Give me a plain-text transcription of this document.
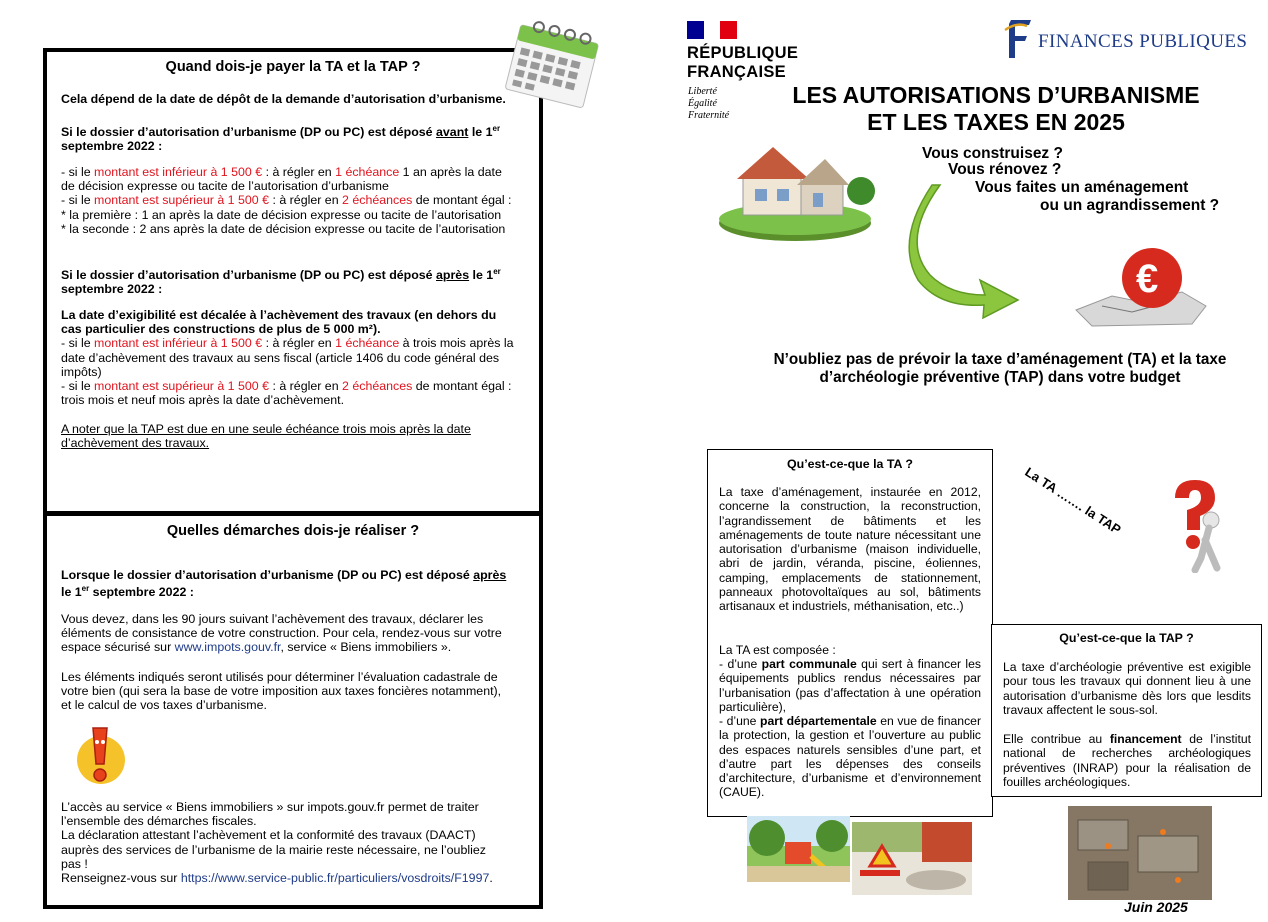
Quand dois-je payer la TA et la TAP ?
Cela dépend de la date de dépôt de la demande d’autorisation d’urbanisme.
Si le dossier d’autorisation d’urbanisme (DP ou PC) est déposé avant le 1er
septembre 2022 :
- si le montant est inférieur à 1 500 € : à régler en 1 échéance 1 an après la date
de décision expresse ou tacite de l’autorisation d’urbanisme
- si le montant est supérieur à 1 500 € : à régler en 2 échéances de montant égal :
* la première : 1 an après la date de décision expresse ou tacite de l’autorisation
* la seconde : 2 ans après la date de décision expresse ou tacite de l’autorisation
Si le dossier d’autorisation d’urbanisme (DP ou PC) est déposé après le 1er
septembre 2022 :
La date d’exigibilité est décalée à l’achèvement des travaux (en dehors du
cas particulier des constructions de plus de 5 000 m²).
- si le montant est inférieur à 1 500 € : à régler en 1 échéance à trois mois après la
date d’achèvement des travaux au sens fiscal (article 1406 du code général des
impôts)
- si le montant est supérieur à 1 500 € : à régler en 2 échéances de montant égal :
trois mois et neuf mois après la date d’achèvement.
A noter que la TAP est due en une seule échéance trois mois après la date
d’achèvement des travaux.
Quelles démarches dois-je réaliser ?
Lorsque le dossier d’autorisation d’urbanisme (DP ou PC) est déposé après
le 1er septembre 2022 :
Vous devez, dans les 90 jours suivant l’achèvement des travaux, déclarer les
éléments de consistance de votre construction. Pour cela, rendez-vous sur votre
espace sécurisé sur www.impots.gouv.fr, service « Biens immobiliers ».
Les éléments indiqués seront utilisés pour déterminer l’évaluation cadastrale de
votre bien (qui sera la base de votre imposition aux taxes foncières notamment),
et le calcul de vos taxes d’urbanisme.
L’accès au service « Biens immobiliers » sur impots.gouv.fr permet de traiter
l’ensemble des démarches fiscales.
La déclaration attestant l’achèvement et la conformité des travaux (DAACT)
auprès des services de l’urbanisme de la mairie reste nécessaire, ne l’oubliez
pas !
Renseignez-vous sur https://www.service-public.fr/particuliers/vosdroits/F1997.
RÉPUBLIQUE
FRANÇAISE
Liberté
Égalité
Fraternité
FINANCES PUBLIQUES
LES AUTORISATIONS D’URBANISME
ET LES TAXES EN 2025
Vous construisez ?
Vous rénovez ?
Vous faites un aménagement
ou un agrandissement ?
€
N’oubliez pas de prévoir la taxe d’aménagement (TA) et la taxe
d’archéologie préventive (TAP) dans votre budget
Qu’est-ce-que la TA ?
La taxe d’aménagement, instaurée en 2012, concerne la construction, la reconstruction, l’agrandissement de bâtiments et les aménagements de toute nature nécessitant une autorisation d’urbanisme (maison individuelle, abri de jardin, véranda, piscine, éoliennes, camping, emplacements de stationnement, panneaux photovoltaïques au sol, bâtiments artisanaux et industriels, méthanisation, etc..)
La TA est composée :
- d’une part communale qui sert à financer les équipements publics rendus nécessaires par l’urbanisation (pas d’affectation à une opération particulière),
- d’une part départementale en vue de financer la protection, la gestion et l’ouverture au public des espaces naturels sensibles d’une part, et d’autre part les dépenses des conseils d’architecture, d’urbanisme et d’environnement (CAUE).
La TA ……. la TAP
Qu’est-ce-que la TAP ?
La taxe d’archéologie préventive est exigible pour tous les travaux qui donnent lieu à une autorisation d’urbanisme dès lors que lesdits travaux affectent le sous-sol.
Elle contribue au financement de l’institut national de recherches archéologiques préventives (INRAP) pour la réalisation de fouilles archéologiques.
Juin 2025
